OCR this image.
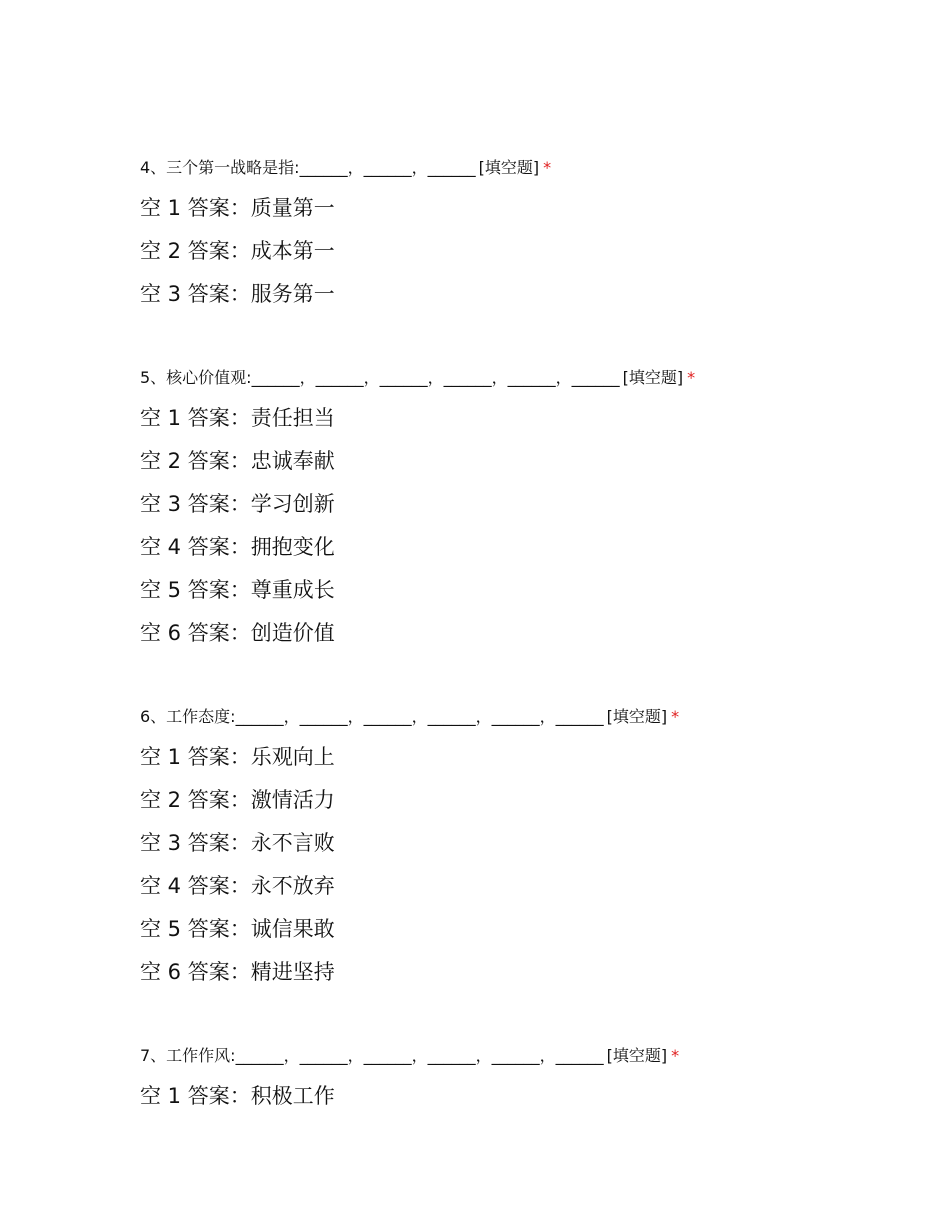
4、三个第一战略是指:______，______，______ [填空题] *
空 1 答案：质量第一
空 2 答案：成本第一
空 3 答案：服务第一
5、核心价值观:______，______，______，______，______，______ [填空题] *
空 1 答案：责任担当
空 2 答案：忠诚奉献
空 3 答案：学习创新
空 4 答案：拥抱变化
空 5 答案：尊重成长
空 6 答案：创造价值
6、工作态度:______，______，______，______，______，______ [填空题] *
空 1 答案：乐观向上
空 2 答案：激情活力
空 3 答案：永不言败
空 4 答案：永不放弃
空 5 答案：诚信果敢
空 6 答案：精进坚持
7、工作作风:______，______，______，______，______，______ [填空题] *
空 1 答案：积极工作
